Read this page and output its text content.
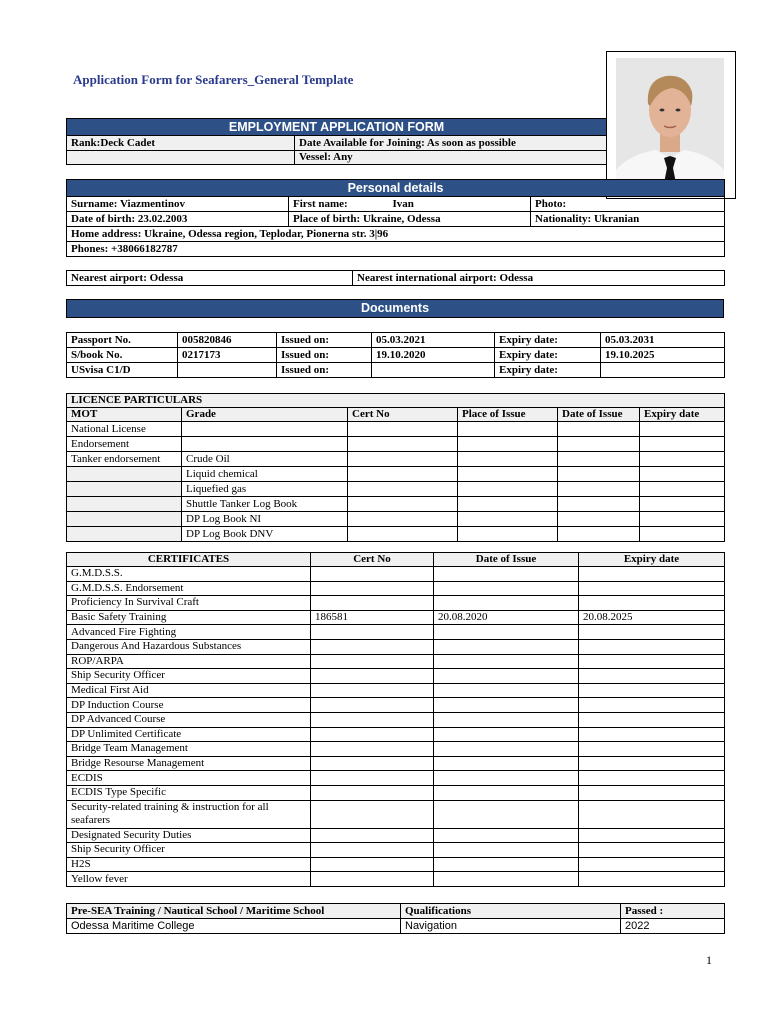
Application Form for Seafarers_General Template
EMPLOYMENT APPLICATION FORM	
Rank:Deck Cadet	Date Available for Joining: As soon as possible
	Vessel: Any
Personal details			
Surname: Viazmentinov	First name:	Ivan	Photo:
Date of birth: 23.02.2003	Place of birth: Ukraine, Odessa		Nationality: Ukranian
Home address: Ukraine, Odessa region, Teplodar, Pionerna str. 3|96			
Phones: +38066182787			
Nearest airport: Odessa	Nearest international airport: Odessa
Documents
Passport No.	005820846	Issued on:	05.03.2021	Expiry date:	05.03.2031
S/book No.	0217173	Issued on:	19.10.2020	Expiry date:	19.10.2025
USvisa C1/D		Issued on:		Expiry date:	
LICENCE PARTICULARS					
MOT	Grade	Cert No	Place of Issue	Date of Issue	Expiry date
National License					
Endorsement					
Tanker endorsement	Crude Oil				
	Liquid chemical				
	Liquefied gas				
	Shuttle Tanker Log Book				
	DP Log Book NI				
	DP Log Book DNV				
CERTIFICATES	Cert No	Date of Issue	Expiry date
G.M.D.S.S.			
G.M.D.S.S. Endorsement			
Proficiency In Survival Craft			
Basic Safety Training	186581	20.08.2020	20.08.2025
Advanced Fire Fighting			
Dangerous And Hazardous Substances			
ROP/ARPA			
Ship Security Officer			
Medical First Aid			
DP Induction Course			
DP Advanced Course			
DP Unlimited Certificate			
Bridge Team Management			
Bridge Resourse Management			
ECDIS			
ECDIS Type Specific			
Security-related training & instruction for all seafarers			
Designated Security Duties			
Ship Security Officer			
H2S			
Yellow fever			
Pre-SEA Training / Nautical School / Maritime School	Qualifications	Passed :
Odessa Maritime College	Navigation	2022
1
